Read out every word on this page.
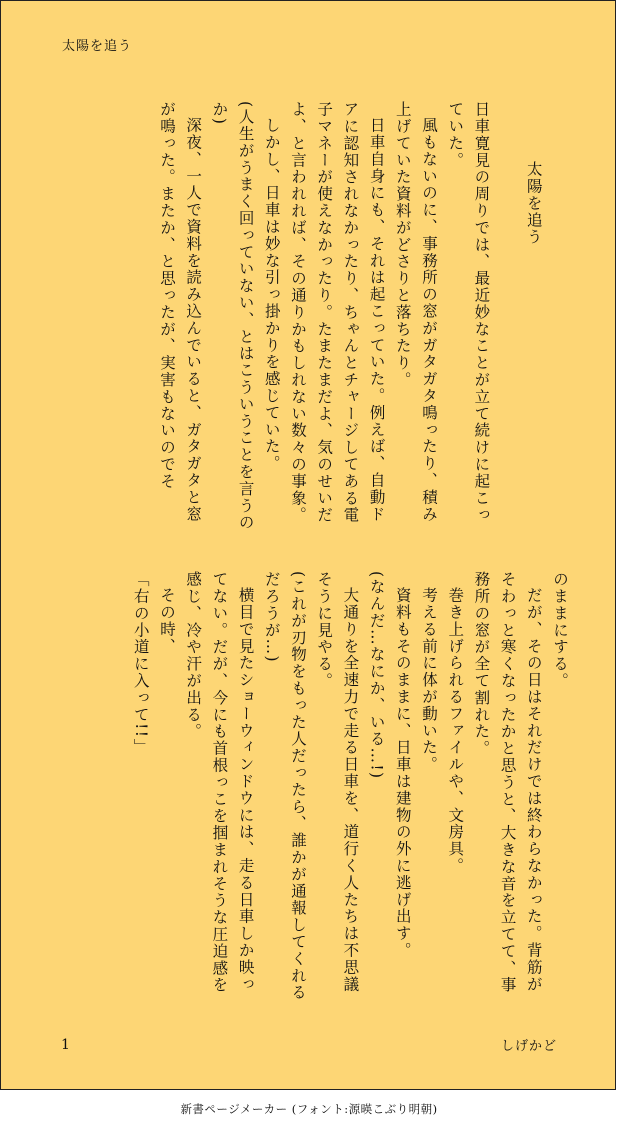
太陽を追う

太陽を追う

日車寛見の周りでは、最近妙なことが立て続けに起こっていた。

風もないのに、事務所の窓がガタガタ鳴ったり、積み上げていた資料がどさりと落ちたり。

日車自身にも、それは起こっていた。例えば、自動ドアに認知されなかったり、ちゃんとチャージしてある電子マネーが使えなかったり。たまたまだよ、気のせいだよ、と言われれば、その通りかもしれない数々の事象。

しかし、日車は妙な引っ掛かりを感じていた。

(人生がうまく回っていない、とはこういうことを言うのか)

深夜、一人で資料を読み込んでいると、ガタガタと窓が鳴った。またか、と思ったが、実害もないのでそ

のままにする。

だが、その日はそれだけでは終わらなかった。背筋がそわっと寒くなったかと思うと、大きな音を立てて、事務所の窓が全て割れた。

巻き上げられるファイルや、文房具。

考える前に体が動いた。

資料もそのままに、日車は建物の外に逃げ出す。

(なんだ…なにか、いる…!)

大通りを全速力で走る日車を、道行く人たちは不思議そうに見やる。

(これが刃物をもった人だったら、誰かが通報してくれるだろうが…)

横目で見たショーウィンドウには、走る日車しか映ってない。だが、今にも首根っこを掴まれそうな圧迫感を感じ、冷や汗が出る。

その時、

「右の小道に入って!!」

1	しげかど
新書ページメーカー (フォント:源暎こぶり明朝)
